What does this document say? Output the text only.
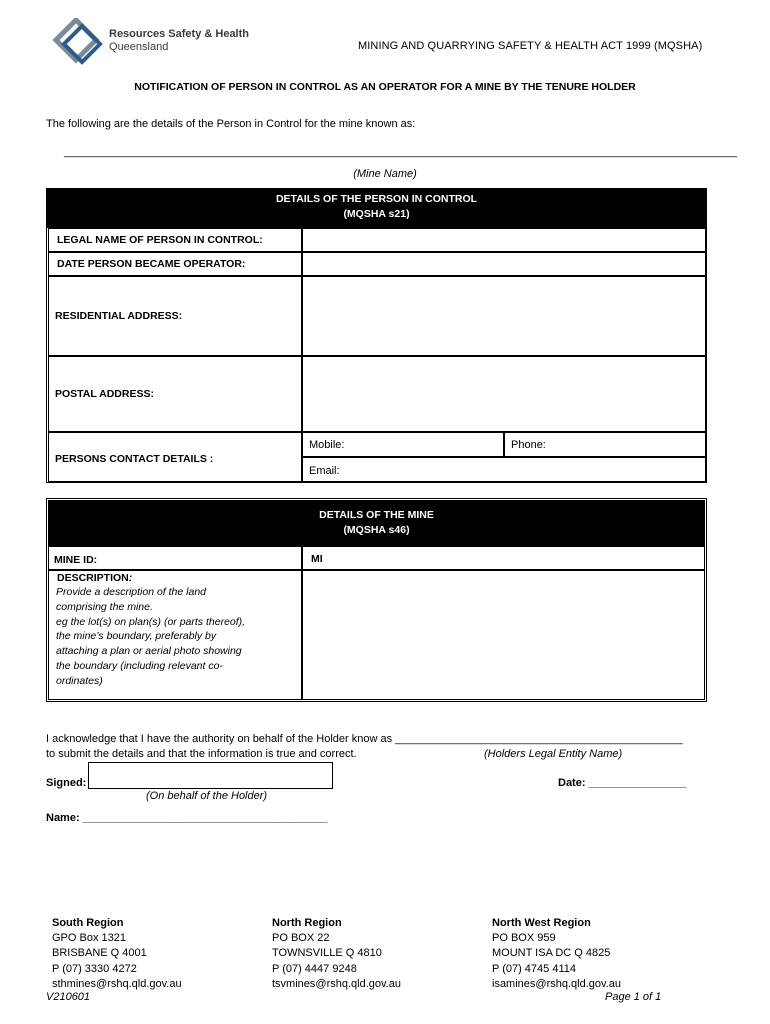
Resources Safety & Health
Queensland	MINING AND QUARRYING SAFETY & HEALTH ACT 1999 (MQSHA)
NOTIFICATION OF PERSON IN CONTROL AS AN OPERATOR FOR A MINE BY THE TENURE HOLDER
The following are the details of the Person in Control for the mine known as:
______________________________________________________________________________________________________________
(Mine Name)
DETAILS OF THE PERSON IN CONTROL
(MQSHA s21)
LEGAL NAME OF PERSON IN CONTROL:
DATE PERSON BECAME OPERATOR:
RESIDENTIAL ADDRESS:
POSTAL ADDRESS:
PERSONS CONTACT DETAILS :
Mobile:	Phone:
Email:
DETAILS OF THE MINE
(MQSHA s46)
MINE ID:	MI
DESCRIPTION:
Provide a description of the land
comprising the mine.
eg the lot(s) on plan(s) (or parts thereof),
the mine’s boundary, preferably by
attaching a plan or aerial photo showing
the boundary (including relevant co-
ordinates)
I acknowledge that I have the authority on behalf of the Holder know as _______________________________________________
to submit the details and that the information is true and correct.	(Holders Legal Entity Name)
Signed:
(On behalf of the Holder)
Date: ________________
Name: ________________________________________
South Region
GPO Box 1321
BRISBANE Q 4001
P (07) 3330 4272
sthmines@rshq.qld.gov.au
North Region
PO BOX 22
TOWNSVILLE Q 4810
P (07) 4447 9248
tsvmines@rshq.qld.gov.au
North West Region
PO BOX 959
MOUNT ISA DC Q 4825
P (07) 4745 4114
isamines@rshq.qld.gov.au
V210601	Page 1 of 1
